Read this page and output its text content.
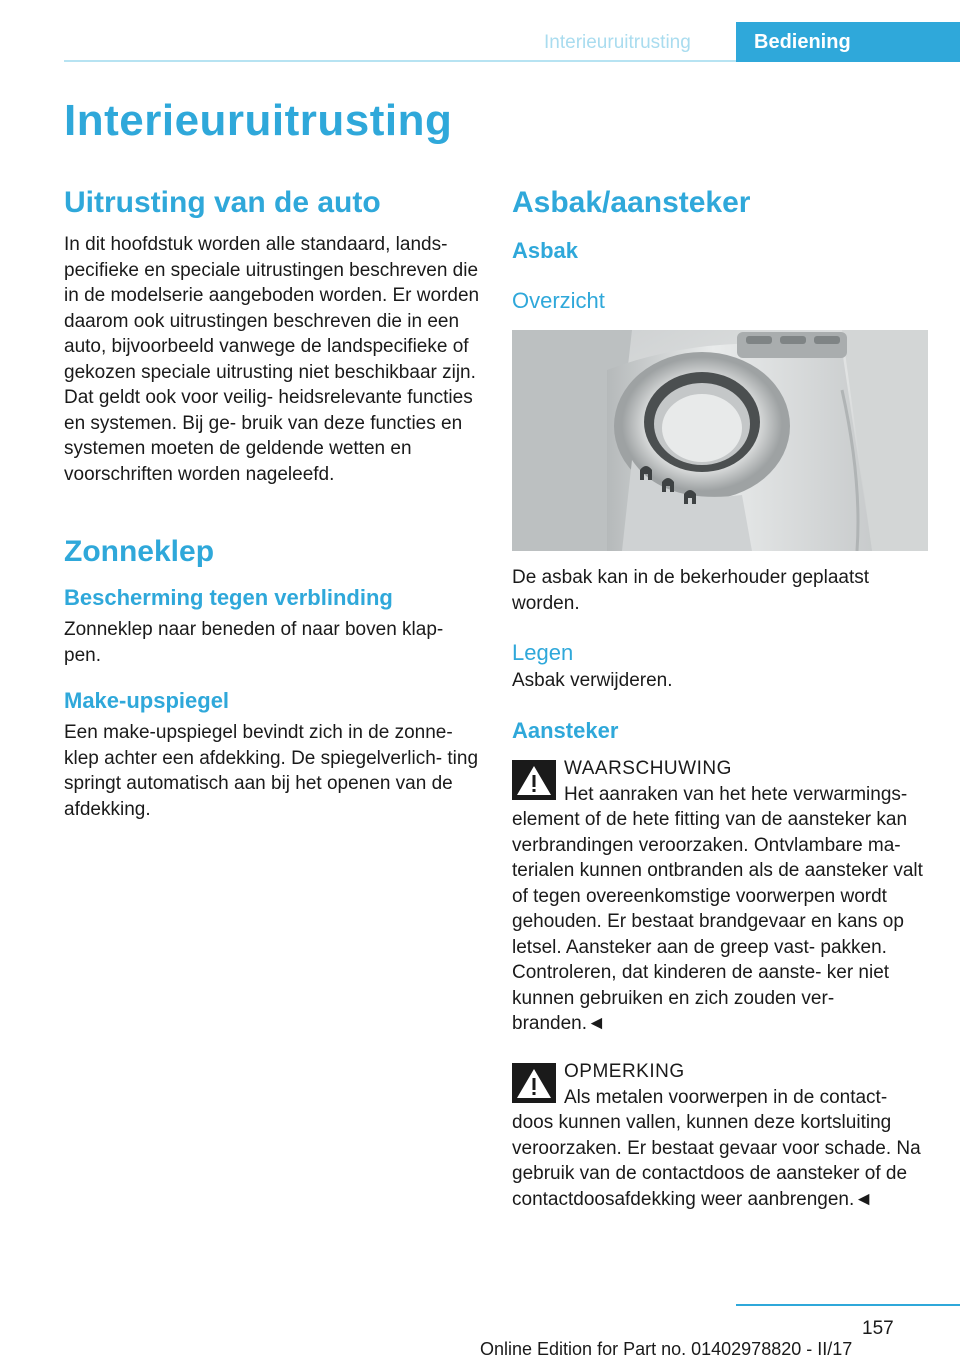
Interieuruitrusting	Bediening
Interieuruitrusting
Uitrusting van de auto

In dit hoofdstuk worden alle standaard, lands- pecifieke en speciale uitrustingen beschreven die in de modelserie aangeboden worden. Er worden daarom ook uitrustingen beschreven die in een auto, bijvoorbeeld vanwege de landspecifieke of gekozen speciale uitrusting niet beschikbaar zijn. Dat geldt ook voor veilig- heidsrelevante functies en systemen. Bij ge- bruik van deze functies en systemen moeten de geldende wetten en voorschriften worden nageleefd.

Zonneklep
Bescherming tegen verblinding

Zonneklep naar beneden of naar boven klap- pen.

Make-upspiegel

Een make-upspiegel bevindt zich in de zonne- klep achter een afdekking. De spiegelverlich- ting springt automatisch aan bij het openen van de afdekking.

Asbak/aansteker
Asbak
Overzicht

De asbak kan in de bekerhouder geplaatst worden.

Legen

Asbak verwijderen.

Aansteker
WAARSCHUWING

Het aanraken van het hete verwarmings-

element of de hete fitting van de aansteker kan verbrandingen veroorzaken. Ontvlambare ma- terialen kunnen ontbranden als de aansteker valt of tegen overeenkomstige voorwerpen wordt gehouden. Er bestaat brandgevaar en kans op letsel. Aansteker aan de greep vast- pakken. Controleren, dat kinderen de aanste- ker niet kunnen gebruiken en zich zouden ver- branden.◄

OPMERKING

Als metalen voorwerpen in de contact-

doos kunnen vallen, kunnen deze kortsluiting veroorzaken. Er bestaat gevaar voor schade. Na gebruik van de contactdoos de aansteker of de contactdoosafdekking weer aanbrengen.◄

157
Online Edition for Part no. 01402978820 - II/17
